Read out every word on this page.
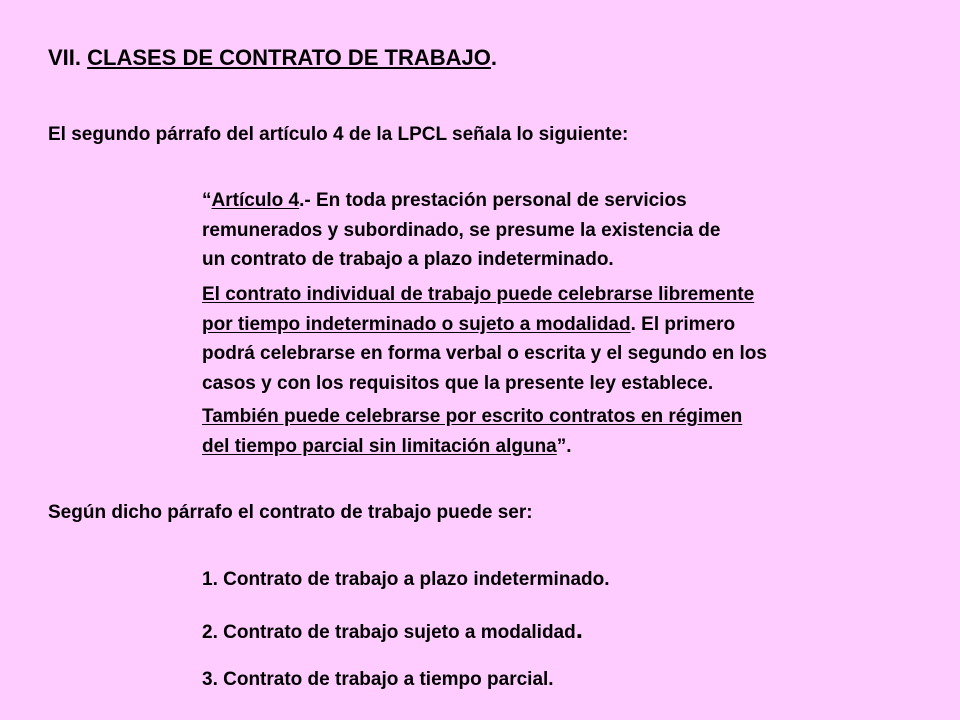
VII. CLASES DE CONTRATO DE TRABAJO.
El segundo párrafo del artículo 4 de la LPCL señala lo siguiente:
“Artículo 4.- En toda prestación personal de servicios
remunerados y subordinado, se presume la existencia de
un contrato de trabajo a plazo indeterminado.
El contrato individual de trabajo puede celebrarse libremente
por tiempo indeterminado o sujeto a modalidad. El primero
podrá celebrarse en forma verbal o escrita y el segundo en los
casos y con los requisitos que la presente ley establece.
También puede celebrarse por escrito contratos en régimen
del tiempo parcial sin limitación alguna”.
Según dicho párrafo el contrato de trabajo puede ser:
1. Contrato de trabajo a plazo indeterminado.
2. Contrato de trabajo sujeto a modalidad.
3. Contrato de trabajo a tiempo parcial.
